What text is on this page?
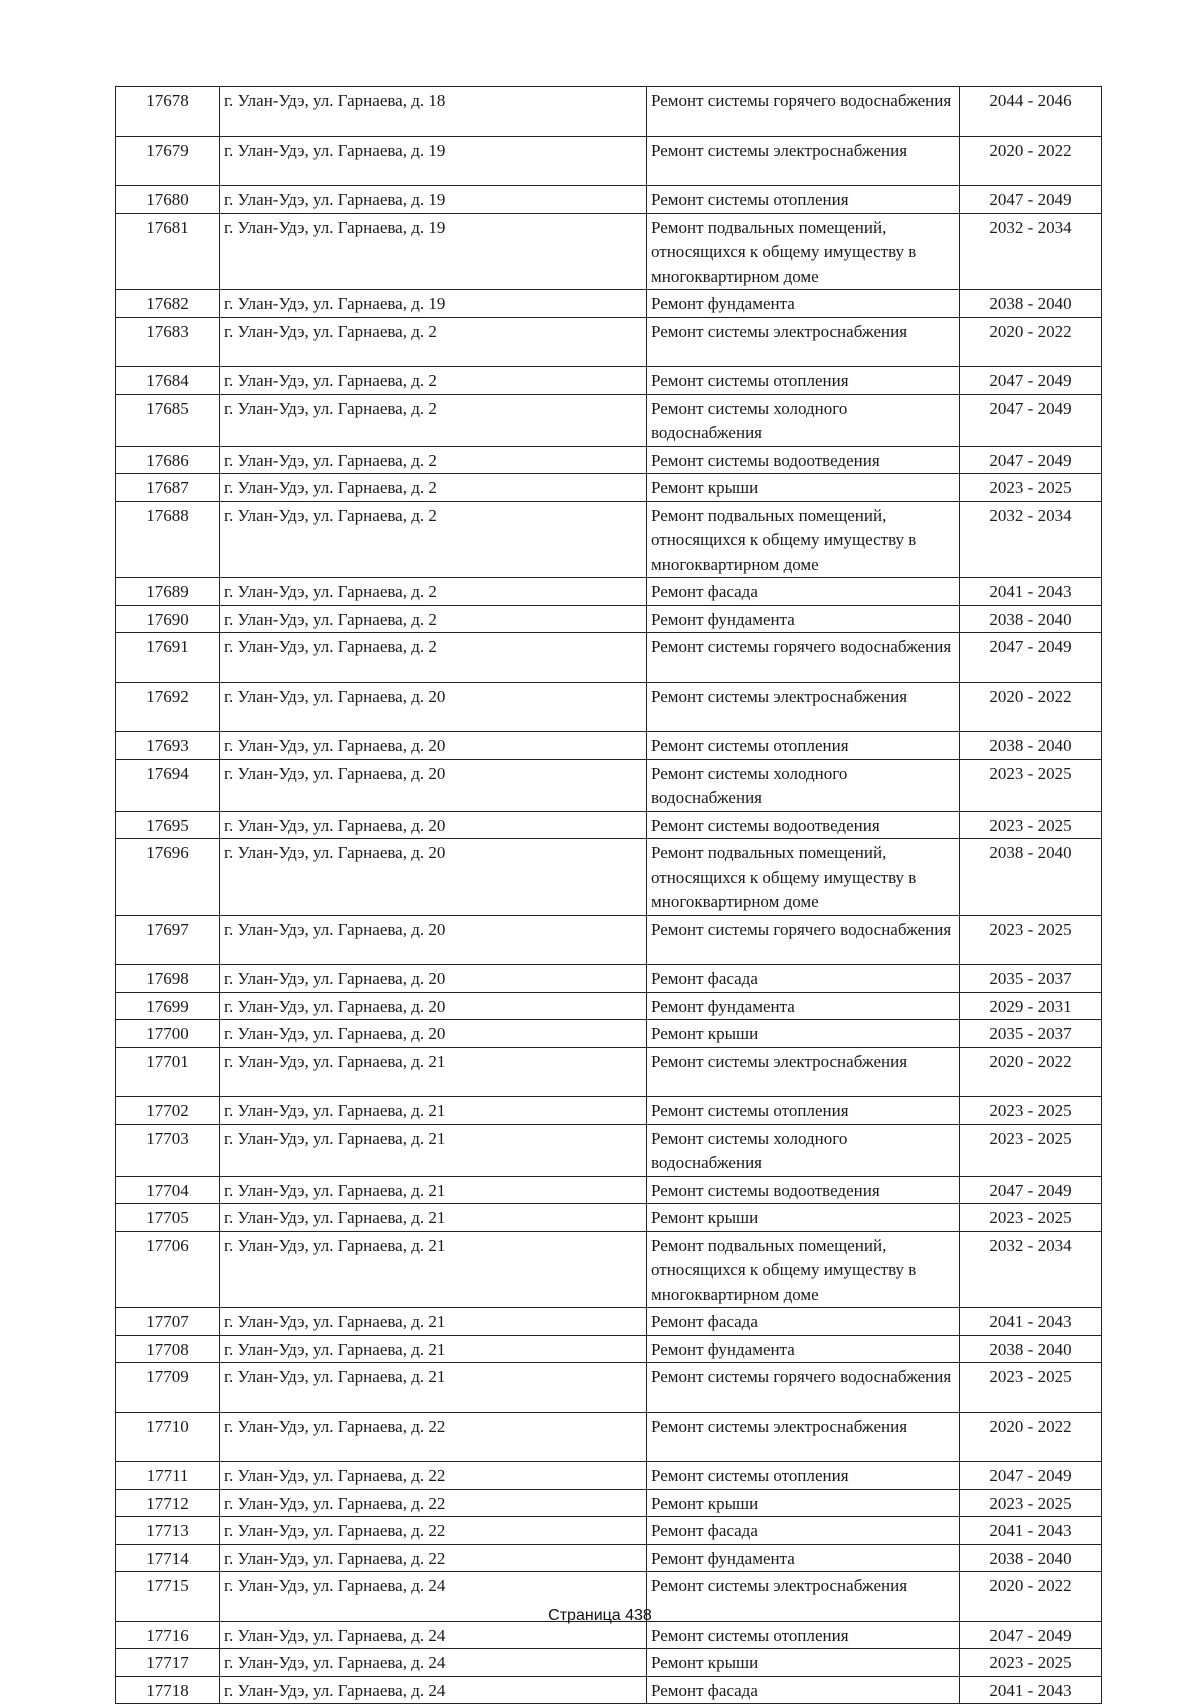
17678	г. Улан-Удэ, ул. Гарнаева, д. 18	Ремонт системы горячего водоснабжения	2044 - 2046
17679	г. Улан-Удэ, ул. Гарнаева, д. 19	Ремонт системы электроснабжения	2020 - 2022
17680	г. Улан-Удэ, ул. Гарнаева, д. 19	Ремонт системы отопления	2047 - 2049
17681	г. Улан-Удэ, ул. Гарнаева, д. 19	Ремонт подвальных помещений, относящихся к общему имуществу в многоквартирном доме	2032 - 2034
17682	г. Улан-Удэ, ул. Гарнаева, д. 19	Ремонт фундамента	2038 - 2040
17683	г. Улан-Удэ, ул. Гарнаева, д. 2	Ремонт системы электроснабжения	2020 - 2022
17684	г. Улан-Удэ, ул. Гарнаева, д. 2	Ремонт системы отопления	2047 - 2049
17685	г. Улан-Удэ, ул. Гарнаева, д. 2	Ремонт системы холодного водоснабжения	2047 - 2049
17686	г. Улан-Удэ, ул. Гарнаева, д. 2	Ремонт системы водоотведения	2047 - 2049
17687	г. Улан-Удэ, ул. Гарнаева, д. 2	Ремонт крыши	2023 - 2025
17688	г. Улан-Удэ, ул. Гарнаева, д. 2	Ремонт подвальных помещений, относящихся к общему имуществу в многоквартирном доме	2032 - 2034
17689	г. Улан-Удэ, ул. Гарнаева, д. 2	Ремонт фасада	2041 - 2043
17690	г. Улан-Удэ, ул. Гарнаева, д. 2	Ремонт фундамента	2038 - 2040
17691	г. Улан-Удэ, ул. Гарнаева, д. 2	Ремонт системы горячего водоснабжения	2047 - 2049
17692	г. Улан-Удэ, ул. Гарнаева, д. 20	Ремонт системы электроснабжения	2020 - 2022
17693	г. Улан-Удэ, ул. Гарнаева, д. 20	Ремонт системы отопления	2038 - 2040
17694	г. Улан-Удэ, ул. Гарнаева, д. 20	Ремонт системы холодного водоснабжения	2023 - 2025
17695	г. Улан-Удэ, ул. Гарнаева, д. 20	Ремонт системы водоотведения	2023 - 2025
17696	г. Улан-Удэ, ул. Гарнаева, д. 20	Ремонт подвальных помещений, относящихся к общему имуществу в многоквартирном доме	2038 - 2040
17697	г. Улан-Удэ, ул. Гарнаева, д. 20	Ремонт системы горячего водоснабжения	2023 - 2025
17698	г. Улан-Удэ, ул. Гарнаева, д. 20	Ремонт фасада	2035 - 2037
17699	г. Улан-Удэ, ул. Гарнаева, д. 20	Ремонт фундамента	2029 - 2031
17700	г. Улан-Удэ, ул. Гарнаева, д. 20	Ремонт крыши	2035 - 2037
17701	г. Улан-Удэ, ул. Гарнаева, д. 21	Ремонт системы электроснабжения	2020 - 2022
17702	г. Улан-Удэ, ул. Гарнаева, д. 21	Ремонт системы отопления	2023 - 2025
17703	г. Улан-Удэ, ул. Гарнаева, д. 21	Ремонт системы холодного водоснабжения	2023 - 2025
17704	г. Улан-Удэ, ул. Гарнаева, д. 21	Ремонт системы водоотведения	2047 - 2049
17705	г. Улан-Удэ, ул. Гарнаева, д. 21	Ремонт крыши	2023 - 2025
17706	г. Улан-Удэ, ул. Гарнаева, д. 21	Ремонт подвальных помещений, относящихся к общему имуществу в многоквартирном доме	2032 - 2034
17707	г. Улан-Удэ, ул. Гарнаева, д. 21	Ремонт фасада	2041 - 2043
17708	г. Улан-Удэ, ул. Гарнаева, д. 21	Ремонт фундамента	2038 - 2040
17709	г. Улан-Удэ, ул. Гарнаева, д. 21	Ремонт системы горячего водоснабжения	2023 - 2025
17710	г. Улан-Удэ, ул. Гарнаева, д. 22	Ремонт системы электроснабжения	2020 - 2022
17711	г. Улан-Удэ, ул. Гарнаева, д. 22	Ремонт системы отопления	2047 - 2049
17712	г. Улан-Удэ, ул. Гарнаева, д. 22	Ремонт крыши	2023 - 2025
17713	г. Улан-Удэ, ул. Гарнаева, д. 22	Ремонт фасада	2041 - 2043
17714	г. Улан-Удэ, ул. Гарнаева, д. 22	Ремонт фундамента	2038 - 2040
17715	г. Улан-Удэ, ул. Гарнаева, д. 24	Ремонт системы электроснабжения	2020 - 2022
17716	г. Улан-Удэ, ул. Гарнаева, д. 24	Ремонт системы отопления	2047 - 2049
17717	г. Улан-Удэ, ул. Гарнаева, д. 24	Ремонт крыши	2023 - 2025
17718	г. Улан-Удэ, ул. Гарнаева, д. 24	Ремонт фасада	2041 - 2043
Страница 438
